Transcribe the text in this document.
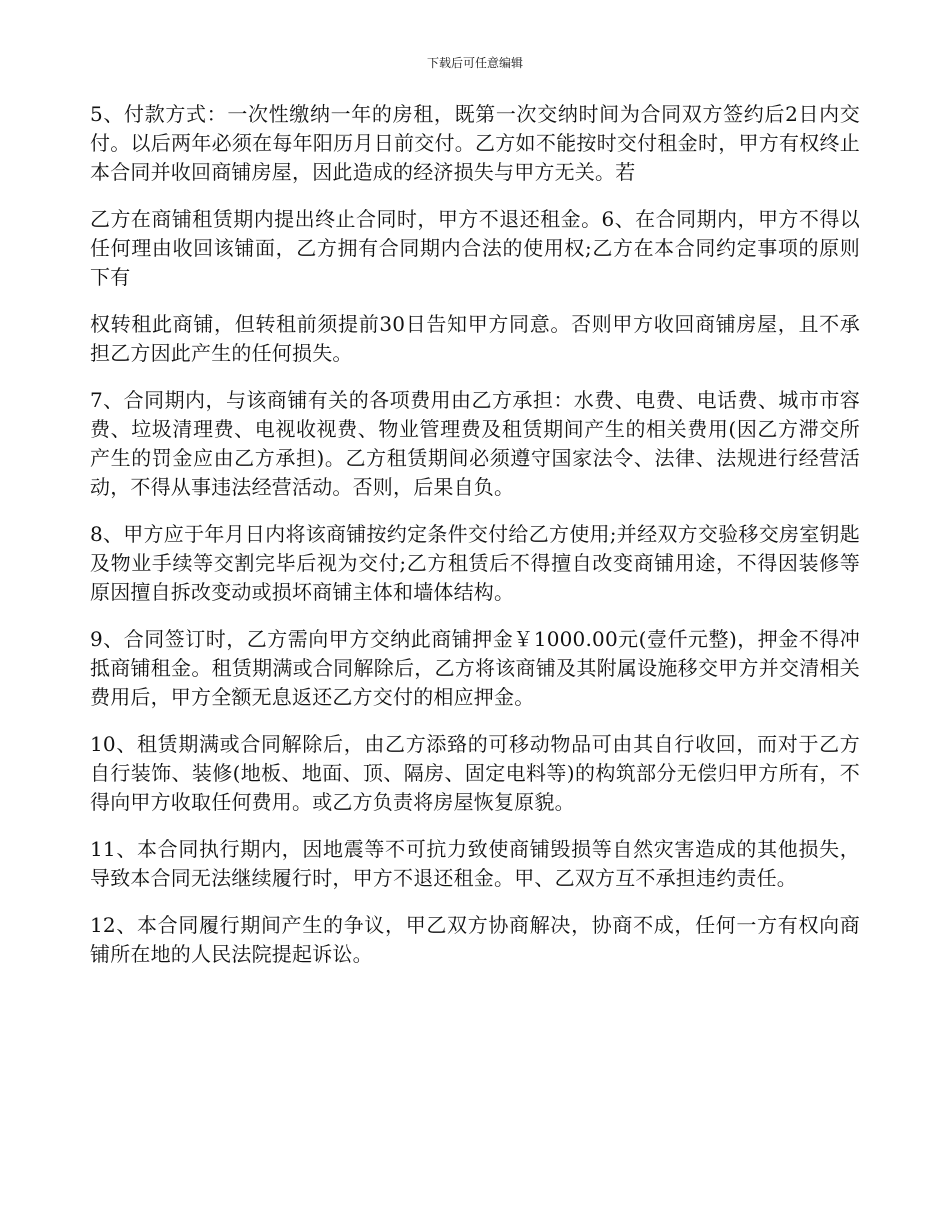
下载后可任意编辑

5、付款方式：一次性缴纳一年的房租，既第一次交纳时间为合同双方签约后2日内交付。以后两年必须在每年阳历月日前交付。乙方如不能按时交付租金时，甲方有权终止本合同并收回商铺房屋，因此造成的经济损失与甲方无关。若

乙方在商铺租赁期内提出终止合同时，甲方不退还租金。6、在合同期内，甲方不得以任何理由收回该铺面，乙方拥有合同期内合法的使用权;乙方在本合同约定事项的原则下有

权转租此商铺，但转租前须提前30日告知甲方同意。否则甲方收回商铺房屋，且不承担乙方因此产生的任何损失。

7、合同期内，与该商铺有关的各项费用由乙方承担：水费、电费、电话费、城市市容费、垃圾清理费、电视收视费、物业管理费及租赁期间产生的相关费用(因乙方滞交所产生的罚金应由乙方承担)。乙方租赁期间必须遵守国家法令、法律、法规进行经营活动，不得从事违法经营活动。否则，后果自负。

8、甲方应于年月日内将该商铺按约定条件交付给乙方使用;并经双方交验移交房室钥匙及物业手续等交割完毕后视为交付;乙方租赁后不得擅自改变商铺用途，不得因装修等原因擅自拆改变动或损坏商铺主体和墙体结构。

9、合同签订时，乙方需向甲方交纳此商铺押金￥1000.00元(壹仟元整)，押金不得冲抵商铺租金。租赁期满或合同解除后，乙方将该商铺及其附属设施移交甲方并交清相关费用后，甲方全额无息返还乙方交付的相应押金。

10、租赁期满或合同解除后，由乙方添臵的可移动物品可由其自行收回，而对于乙方自行装饰、装修(地板、地面、顶、隔房、固定电料等)的构筑部分无偿归甲方所有，不得向甲方收取任何费用。或乙方负责将房屋恢复原貌。

11、本合同执行期内，因地震等不可抗力致使商铺毁损等自然灾害造成的其他损失，导致本合同无法继续履行时，甲方不退还租金。甲、乙双方互不承担违约责任。

12、本合同履行期间产生的争议，甲乙双方协商解决，协商不成，任何一方有权向商铺所在地的人民法院提起诉讼。
